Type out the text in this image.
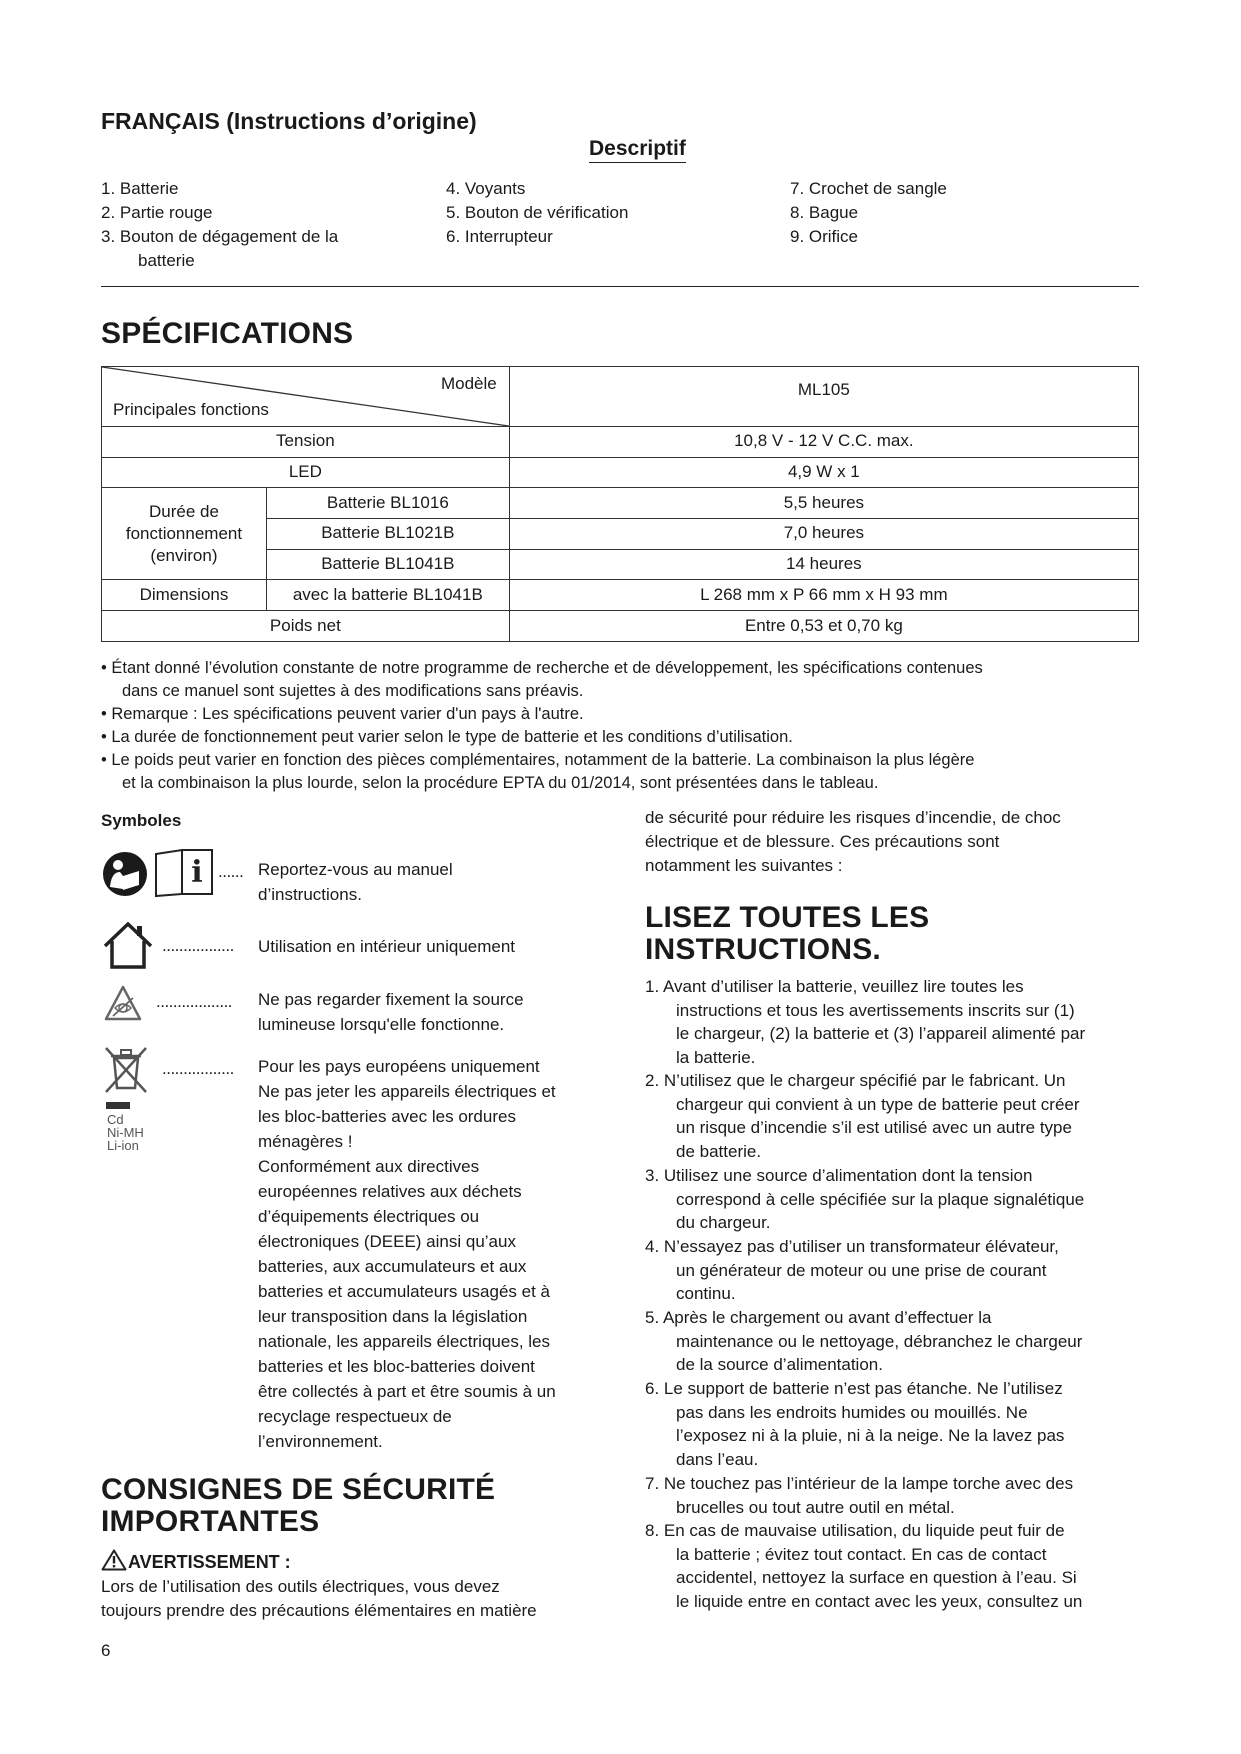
FRANÇAIS (Instructions d’origine)
Descriptif
1. Batterie
2. Partie rouge
3. Bouton de dégagement de la
batterie
4. Voyants
5. Bouton de vérification
6. Interrupteur
7. Crochet de sangle
8. Bague
9. Orifice
SPÉCIFICATIONS
Modèle
Principales fonctions		ML105
Tension		10,8 V - 12 V C.C. max.
LED		4,9 W x 1

Durée de
fonctionnement
(environ)	Batterie BL1016	5,5 heures
	Batterie BL1021B	7,0 heures
	Batterie BL1041B	14 heures
Dimensions	avec la batterie BL1041B	L 268 mm x P 66 mm x H 93 mm
Poids net		Entre 0,53 et 0,70 kg
• Étant donné l’évolution constante de notre programme de recherche et de développement, les spécifications contenues
dans ce manuel sont sujettes à des modifications sans préavis.
• Remarque : Les spécifications peuvent varier d'un pays à l'autre.
• La durée de fonctionnement peut varier selon le type de batterie et les conditions d’utilisation.
• Le poids peut varier en fonction des pièces complémentaires, notamment de la batterie. La combinaison la plus légère
et la combinaison la plus lourde, selon la procédure EPTA du 01/2014, sont présentées dans le tableau.
Symboles
i ...... Reportez-vous au manuel
d’instructions.
................. Utilisation en intérieur uniquement
.................. Ne pas regarder fixement la source
lumineuse lorsqu'elle fonctionne.
Cd
Ni-MH
Li-ion
................. Pour les pays européens uniquement
Ne pas jeter les appareils électriques et
les bloc-batteries avec les ordures
ménagères !
Conformément aux directives
européennes relatives aux déchets
d’équipements électriques ou
électroniques (DEEE) ainsi qu’aux
batteries, aux accumulateurs et aux
batteries et accumulateurs usagés et à
leur transposition dans la législation
nationale, les appareils électriques, les
batteries et les bloc-batteries doivent
être collectés à part et être soumis à un
recyclage respectueux de
l’environnement.
CONSIGNES DE SÉCURITÉ
IMPORTANTES
AVERTISSEMENT :
Lors de l’utilisation des outils électriques, vous devez
toujours prendre des précautions élémentaires en matière
de sécurité pour réduire les risques d’incendie, de choc
électrique et de blessure. Ces précautions sont
notamment les suivantes :
LISEZ TOUTES LES
INSTRUCTIONS.
1. Avant d’utiliser la batterie, veuillez lire toutes les
instructions et tous les avertissements inscrits sur (1)
le chargeur, (2) la batterie et (3) l’appareil alimenté par
la batterie.
2. N’utilisez que le chargeur spécifié par le fabricant. Un
chargeur qui convient à un type de batterie peut créer
un risque d’incendie s’il est utilisé avec un autre type
de batterie.
3. Utilisez une source d’alimentation dont la tension
correspond à celle spécifiée sur la plaque signalétique
du chargeur.
4. N’essayez pas d’utiliser un transformateur élévateur,
un générateur de moteur ou une prise de courant
continu.
5. Après le chargement ou avant d’effectuer la
maintenance ou le nettoyage, débranchez le chargeur
de la source d’alimentation.
6. Le support de batterie n’est pas étanche. Ne l’utilisez
pas dans les endroits humides ou mouillés. Ne
l’exposez ni à la pluie, ni à la neige. Ne la lavez pas
dans l’eau.
7. Ne touchez pas l’intérieur de la lampe torche avec des
brucelles ou tout autre outil en métal.
8. En cas de mauvaise utilisation, du liquide peut fuir de
la batterie ; évitez tout contact. En cas de contact
accidentel, nettoyez la surface en question à l’eau. Si
le liquide entre en contact avec les yeux, consultez un
6
